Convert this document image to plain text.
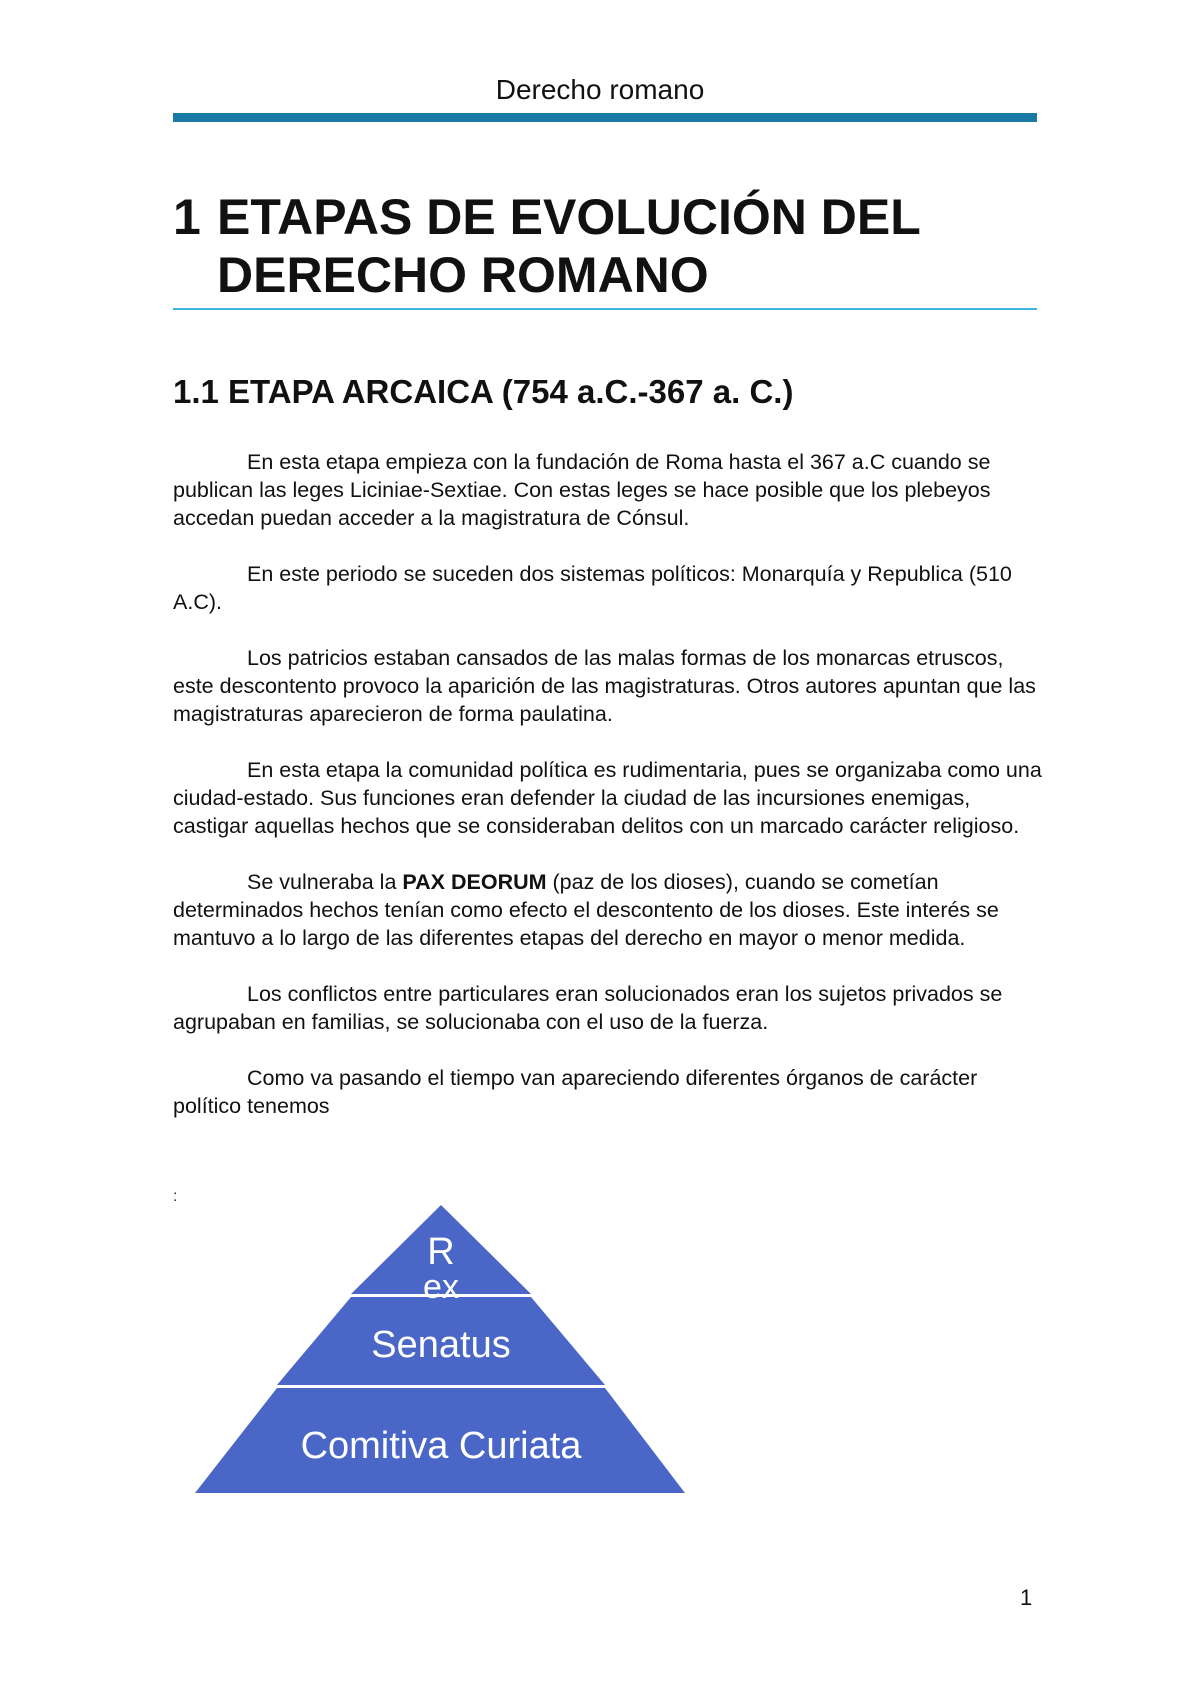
Derecho romano
1 ETAPAS DE EVOLUCIÓN DEL
DERECHO ROMANO
1.1 ETAPA ARCAICA (754 a.C.-367 a. C.)

En esta etapa empieza con la fundación de Roma hasta el 367 a.C cuando se publican las leges Liciniae-Sextiae. Con estas leges se hace posible que los plebeyos accedan puedan acceder a la magistratura de Cónsul.

En este periodo se suceden dos sistemas políticos: Monarquía y Republica (510 A.C).

Los patricios estaban cansados de las malas formas de los monarcas etruscos, este descontento provoco la aparición de las magistraturas. Otros autores apuntan que las magistraturas aparecieron de forma paulatina.

En esta etapa la comunidad política es rudimentaria, pues se organizaba como una ciudad-estado. Sus funciones eran defender la ciudad de las incursiones enemigas, castigar aquellas hechos que se consideraban delitos con un marcado carácter religioso.

Se vulneraba la PAX DEORUM (paz de los dioses), cuando se cometían determinados hechos tenían como efecto el descontento de los dioses. Este interés se mantuvo a lo largo de las diferentes etapas del derecho en mayor o menor medida.

Los conflictos entre particulares eran solucionados eran los sujetos privados se agrupaban en familias, se solucionaba con el uso de la fuerza.

Como va pasando el tiempo van apareciendo diferentes órganos de carácter político tenemos

:
R
ex
Senatus
Comitiva Curiata
1
